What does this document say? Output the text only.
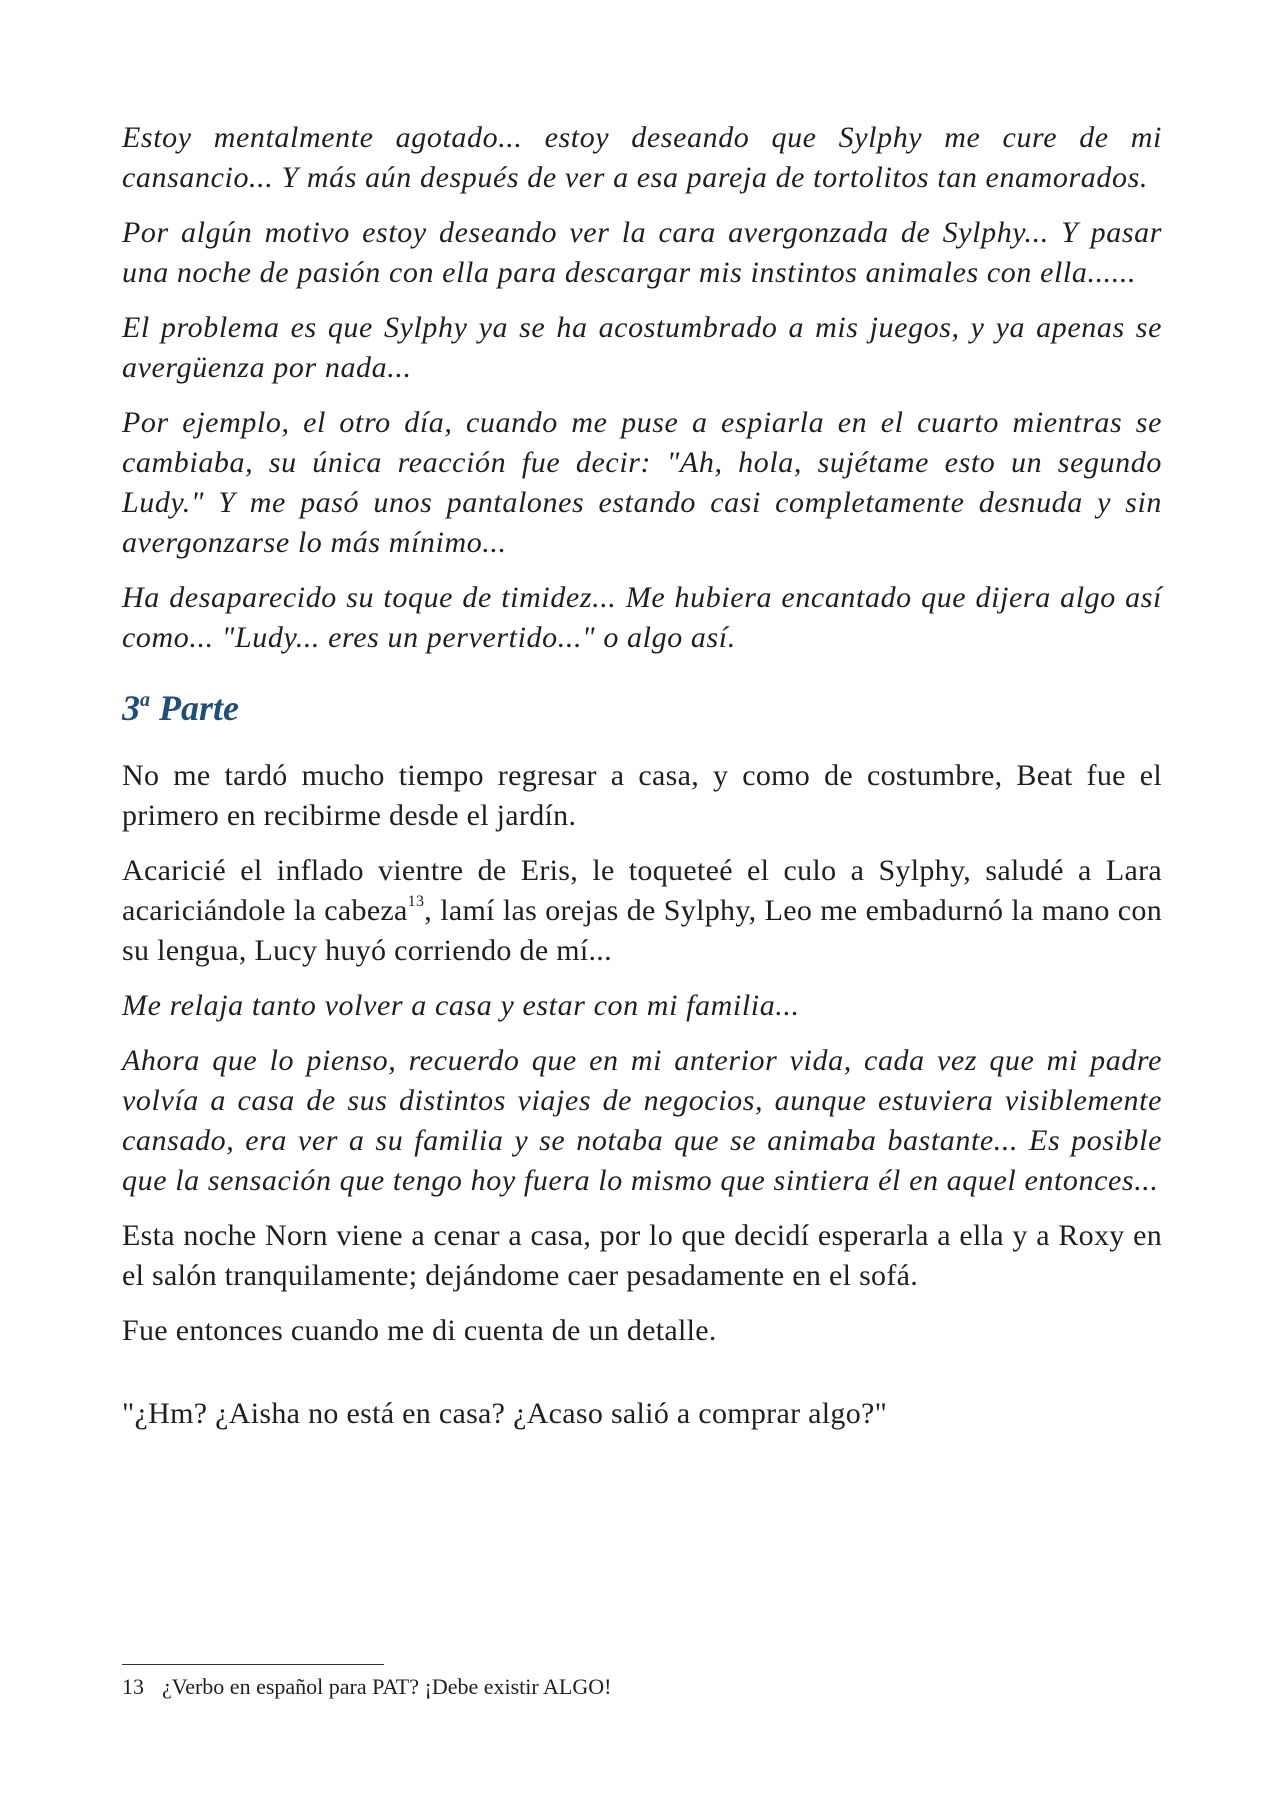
Estoy mentalmente agotado... estoy deseando que Sylphy me cure de mi cansancio... Y más aún después de ver a esa pareja de tortolitos tan enamorados.

Por algún motivo estoy deseando ver la cara avergonzada de Sylphy... Y pasar una noche de pasión con ella para descargar mis instintos animales con ella......

El problema es que Sylphy ya se ha acostumbrado a mis juegos, y ya apenas se avergüenza por nada...

Por ejemplo, el otro día, cuando me puse a espiarla en el cuarto mientras se cambiaba, su única reacción fue decir: "Ah, hola, sujétame esto un segundo Ludy." Y me pasó unos pantalones estando casi completamente desnuda y sin avergonzarse lo más mínimo...

Ha desaparecido su toque de timidez... Me hubiera encantado que dijera algo así como... "Ludy... eres un pervertido..." o algo así.

3$^a$ Parte

No me tardó mucho tiempo regresar a casa, y como de costumbre, Beat fue el primero en recibirme desde el jardín.

Acaricié el inflado vientre de Eris, le toqueteé el culo a Sylphy, saludé a Lara acariciándole la cabeza$^{13}$, lamí las orejas de Sylphy, Leo me embadurnó la mano con su lengua, Lucy huyó corriendo de mí...

Me relaja tanto volver a casa y estar con mi familia...

Ahora que lo pienso, recuerdo que en mi anterior vida, cada vez que mi padre volvía a casa de sus distintos viajes de negocios, aunque estuviera visiblemente cansado, era ver a su familia y se notaba que se animaba bastante... Es posible que la sensación que tengo hoy fuera lo mismo que sintiera él en aquel entonces...

Esta noche Norn viene a cenar a casa, por lo que decidí esperarla a ella y a Roxy en el salón tranquilamente; dejándome caer pesadamente en el sofá.

Fue entonces cuando me di cuenta de un detalle.

"¿Hm? ¿Aisha no está en casa? ¿Acaso salió a comprar algo?"

13 ¿Verbo en español para PAT? ¡Debe existir ALGO!
